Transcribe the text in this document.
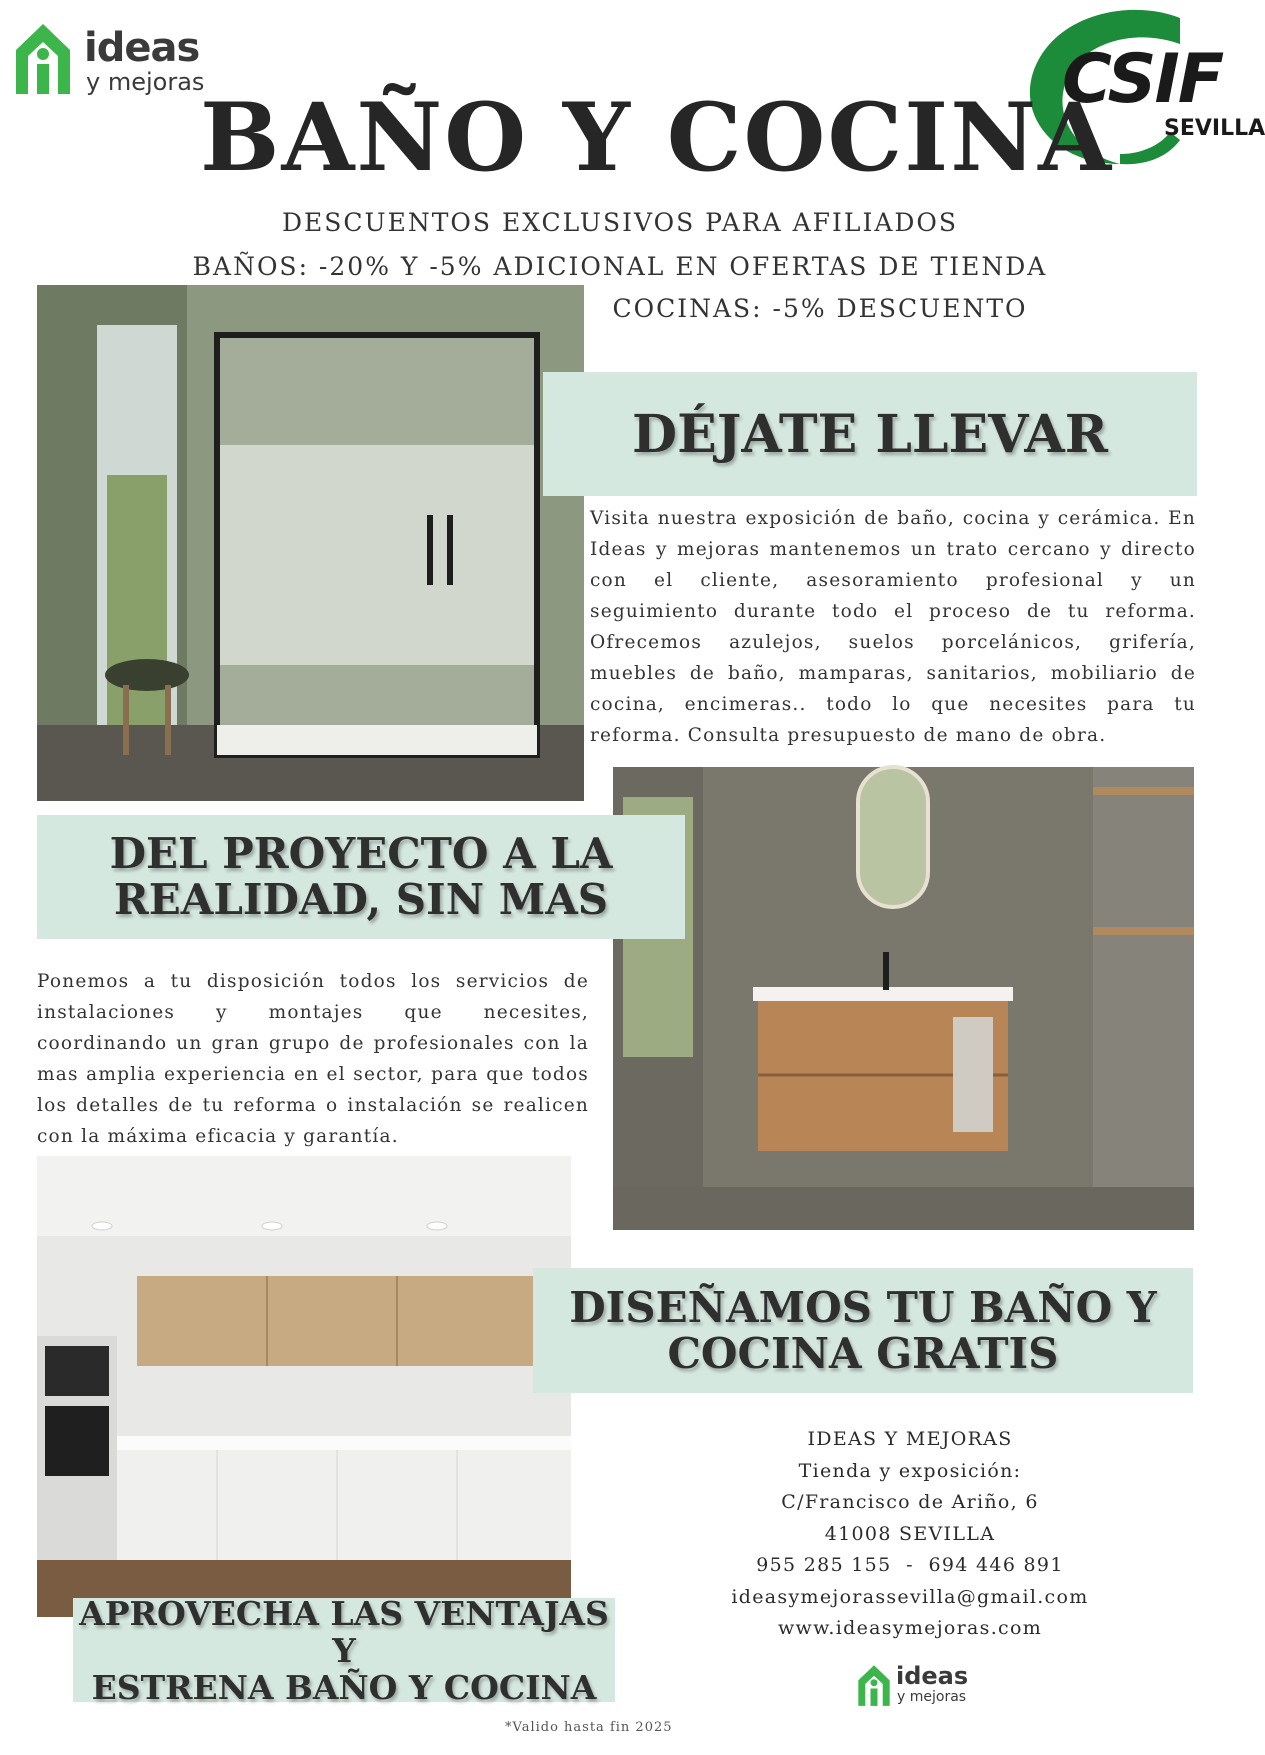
ideas
y mejoras	CSIF
SEVILLA
BAÑO Y COCINA
DESCUENTOS EXCLUSIVOS PARA AFILIADOS
BAÑOS: -20% Y -5% ADICIONAL EN OFERTAS DE TIENDA
COCINAS: -5% DESCUENTO
DÉJATE LLEVAR
Visita nuestra exposición de baño, cocina y cerámica. En Ideas y mejoras mantenemos un trato cercano y directo con el cliente, asesoramiento profesional y un seguimiento durante todo el proceso de tu reforma. Ofrecemos azulejos, suelos porcelánicos, grifería, muebles de baño, mamparas, sanitarios, mobiliario de cocina, encimeras.. todo lo que necesites para tu reforma. Consulta presupuesto de mano de obra.
DEL PROYECTO A LA
REALIDAD, SIN MAS
Ponemos a tu disposición todos los servicios de instalaciones y montajes que necesites, coordinando un gran grupo de profesionales con la mas amplia experiencia en el sector, para que todos los detalles de tu reforma o instalación se realicen con la máxima eficacia y garantía.
DISEÑAMOS TU BAÑO Y
COCINA GRATIS
APROVECHA LAS VENTAJAS Y
ESTRENA BAÑO Y COCINA
IDEAS Y MEJORAS
Tienda y exposición:
C/Francisco de Ariño, 6
41008 SEVILLA
955 285 155  -  694 446 891
ideasymejorassevilla@gmail.com
www.ideasymejoras.com
ideas
y mejoras
*Valido hasta fin 2025
